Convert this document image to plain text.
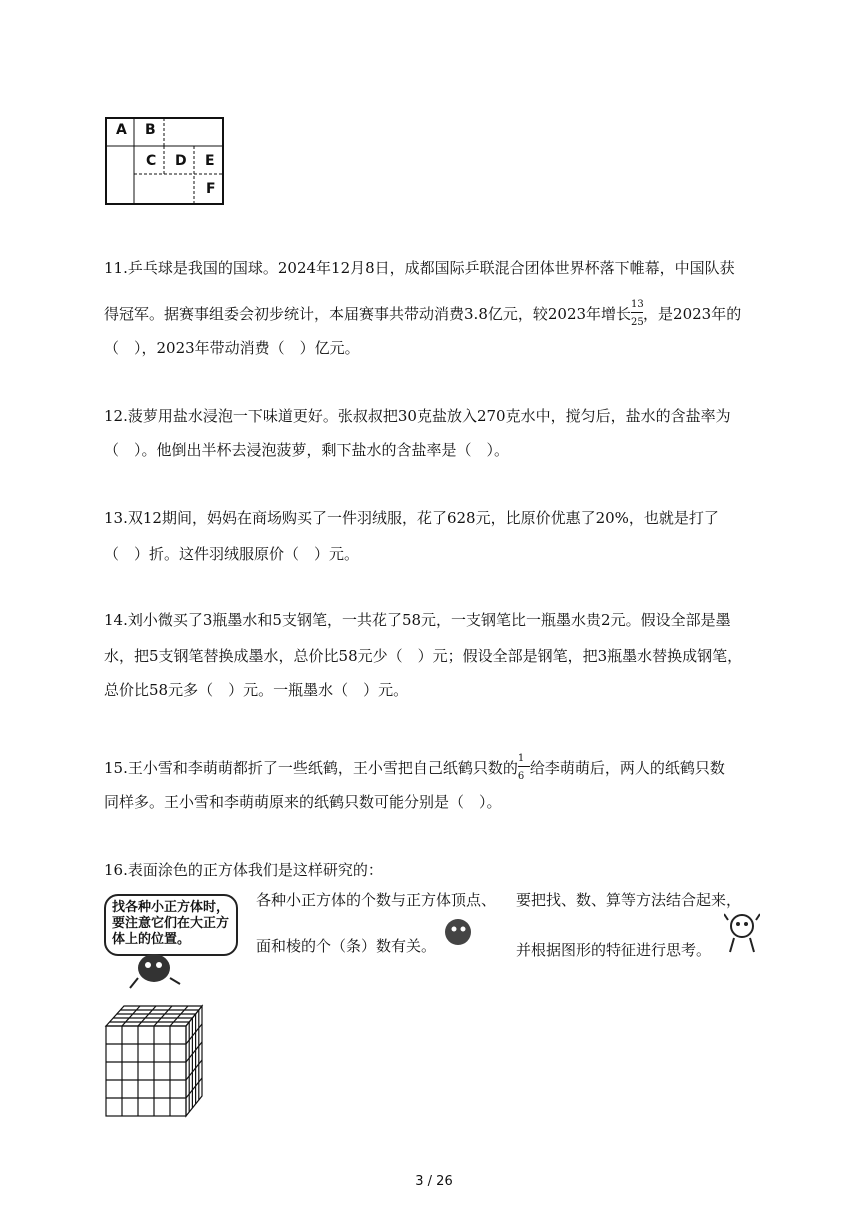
A B
C D E
F
11.乒乓球是我国的国球。2024年12月8日，成都国际乒联混合团体世界杯落下帷幕，中国队获
得冠军。据赛事组委会初步统计，本届赛事共带动消费3.8亿元，较2023年增长 $\frac{13}{25}$ ，是2023年的
（　），2023年带动消费（　）亿元。
12.菠萝用盐水浸泡一下味道更好。张叔叔把30克盐放入270克水中，搅匀后，盐水的含盐率为
（　）。他倒出半杯去浸泡菠萝，剩下盐水的含盐率是（　）。
13.双12期间，妈妈在商场购买了一件羽绒服，花了628元，比原价优惠了20%，也就是打了
（　）折。这件羽绒服原价（　）元。
14.刘小微买了3瓶墨水和5支钢笔，一共花了58元，一支钢笔比一瓶墨水贵2元。假设全部是墨
水，把5支钢笔替换成墨水，总价比58元少（　）元；假设全部是钢笔，把3瓶墨水替换成钢笔，
总价比58元多（　）元。一瓶墨水（　）元。
15.王小雪和李萌萌都折了一些纸鹤，王小雪把自己纸鹤只数的 $\frac{1}{6}$ 给李萌萌后，两人的纸鹤只数
同样多。王小雪和李萌萌原来的纸鹤只数可能分别是（　）。
16.表面涂色的正方体我们是这样研究的：
找各种小正方体时，要注意它们在大正方体上的位置。
各种小正方体的个数与正方体顶点、
面和棱的个（条）数有关。
要把找、数、算等方法结合起来，
并根据图形的特征进行思考。
3 / 26
